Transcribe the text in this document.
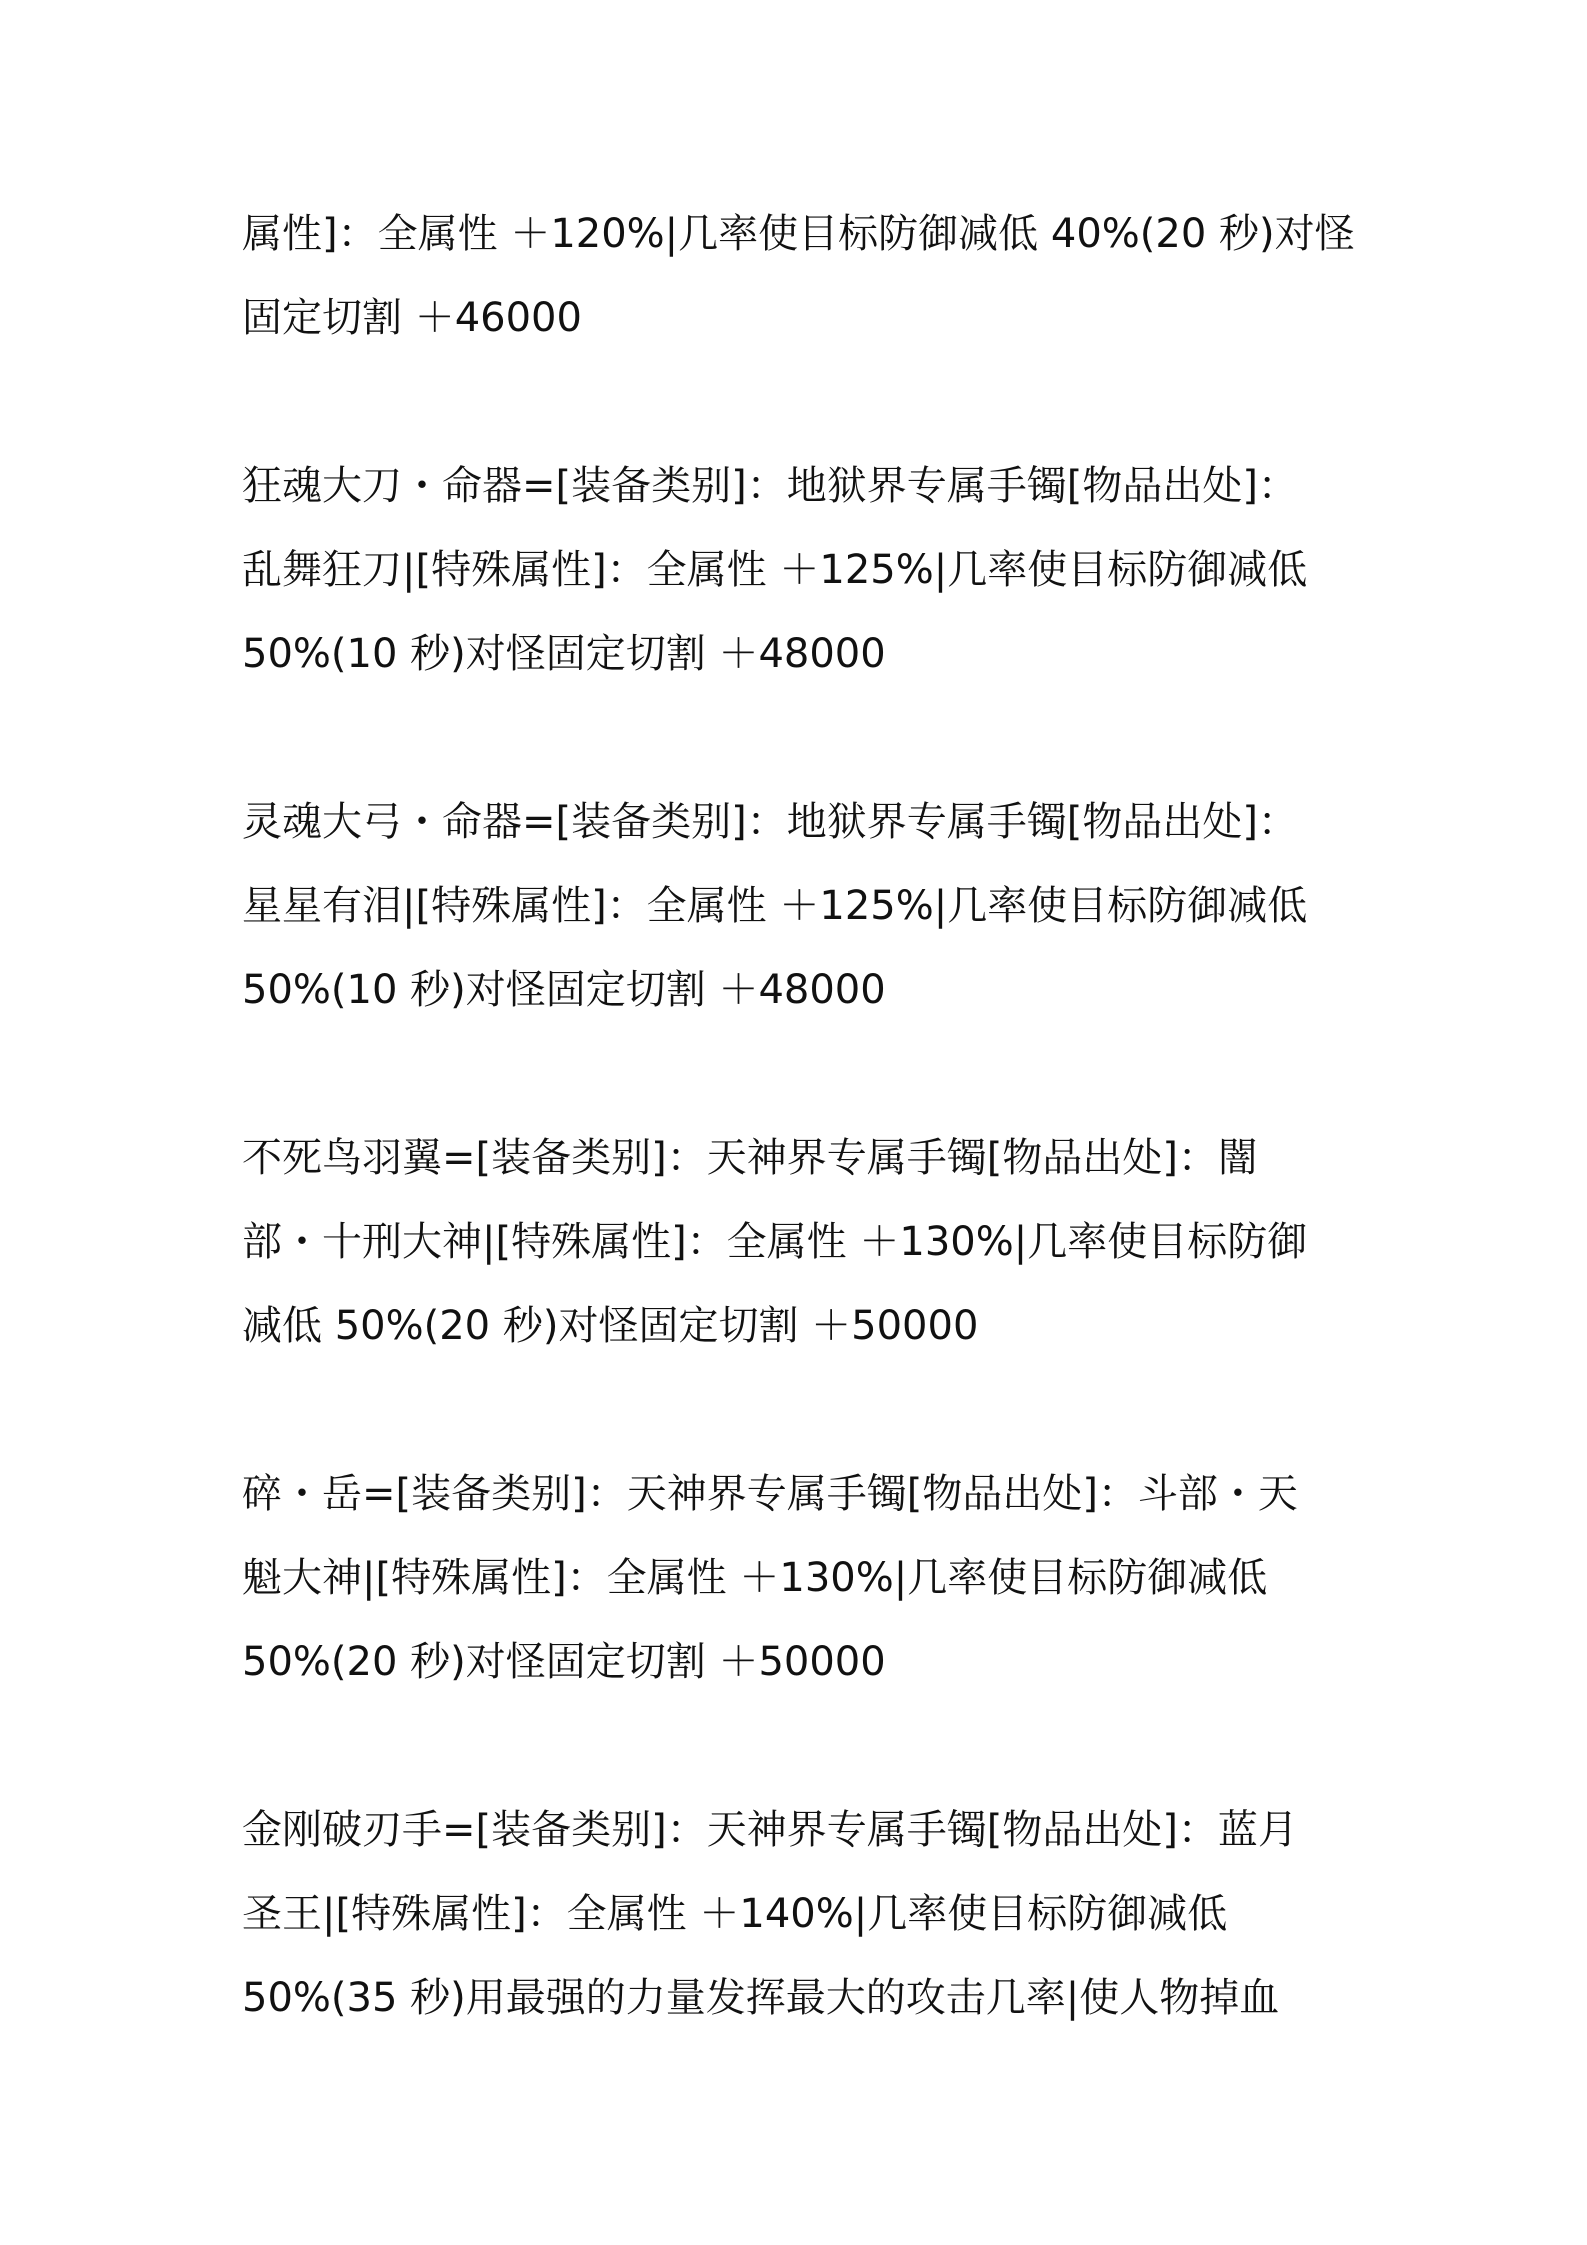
属性]：全属性 ＋120%|几率使目标防御减低 40%(20 秒)对怪
固定切割 ＋46000
狂魂大刀・命器=[装备类别]：地狱界专属手镯[物品出处]：
乱舞狂刀|[特殊属性]：全属性 ＋125%|几率使目标防御减低
50%(10 秒)对怪固定切割 ＋48000
灵魂大弓・命器=[装备类别]：地狱界专属手镯[物品出处]：
星星有泪|[特殊属性]：全属性 ＋125%|几率使目标防御减低
50%(10 秒)对怪固定切割 ＋48000
不死鸟羽翼=[装备类别]：天神界专属手镯[物品出处]：闇
部・十刑大神|[特殊属性]：全属性 ＋130%|几率使目标防御
减低 50%(20 秒)对怪固定切割 ＋50000
碎・岳=[装备类别]：天神界专属手镯[物品出处]：斗部・天
魁大神|[特殊属性]：全属性 ＋130%|几率使目标防御减低
50%(20 秒)对怪固定切割 ＋50000
金刚破刃手=[装备类别]：天神界专属手镯[物品出处]：蓝月
圣王|[特殊属性]：全属性 ＋140%|几率使目标防御减低
50%(35 秒)用最强的力量发挥最大的攻击几率|使人物掉血
